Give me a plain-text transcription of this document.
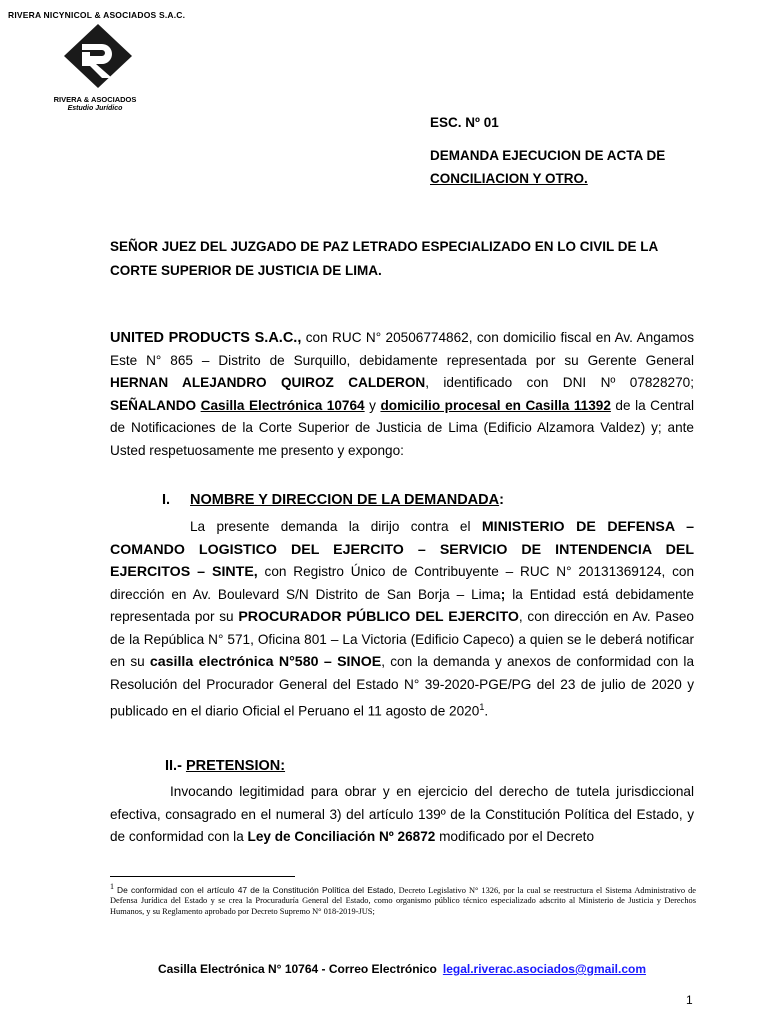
RIVERA NICYNICOL & ASOCIADOS S.A.C.
RIVERA & ASOCIADOS
Estudio Jurídico
ESC. Nº 01
DEMANDA EJECUCION DE ACTA DE
CONCILIACION Y OTRO.
SEÑOR JUEZ DEL JUZGADO DE PAZ LETRADO ESPECIALIZADO EN LO CIVIL DE LA CORTE SUPERIOR DE JUSTICIA DE LIMA.
UNITED PRODUCTS S.A.C., con RUC N° 20506774862, con domicilio fiscal en Av. Angamos Este N° 865 – Distrito de Surquillo, debidamente representada por su Gerente General HERNAN ALEJANDRO QUIROZ CALDERON, identificado con DNI Nº 07828270; SEÑALANDO Casilla Electrónica 10764 y domicilio procesal en Casilla 11392 de la Central de Notificaciones de la Corte Superior de Justicia de Lima (Edificio Alzamora Valdez) y; ante Usted respetuosamente me presento y expongo:
I. NOMBRE Y DIRECCION DE LA DEMANDADA:
La presente demanda la dirijo contra el MINISTERIO DE DEFENSA – COMANDO LOGISTICO DEL EJERCITO – SERVICIO DE INTENDENCIA DEL EJERCITOS – SINTE, con Registro Único de Contribuyente – RUC N° 20131369124, con dirección en Av. Boulevard S/N Distrito de San Borja – Lima; la Entidad está debidamente representada por su PROCURADOR PÚBLICO DEL EJERCITO, con dirección en Av. Paseo de la República N° 571, Oficina 801 – La Victoria (Edificio Capeco) a quien se le deberá notificar en su casilla electrónica N°580 – SINOE, con la demanda y anexos de conformidad con la Resolución del Procurador General del Estado N° 39-2020-PGE/PG del 23 de julio de 2020 y publicado en el diario Oficial el Peruano el 11 agosto de 2020$^1$.
II.- PRETENSION:
Invocando legitimidad para obrar y en ejercicio del derecho de tutela jurisdiccional efectiva, consagrado en el numeral 3) del artículo 139º de la Constitución Política del Estado, y de conformidad con la Ley de Conciliación Nº 26872 modificado por el Decreto
$^1$ De conformidad con el artículo 47 de la Constitución Política del Estado, Decreto Legislativo N° 1326, por la cual se reestructura el Sistema Administrativo de Defensa Jurídica del Estado y se crea la Procuraduría General del Estado, como organismo público técnico especializado adscrito al Ministerio de Justicia y Derechos Humanos, y su Reglamento aprobado por Decreto Supremo N° 018-2019-JUS;
Casilla Electrónica N° 10764 - Correo Electrónico legal.riverac.asociados@gmail.com
1
